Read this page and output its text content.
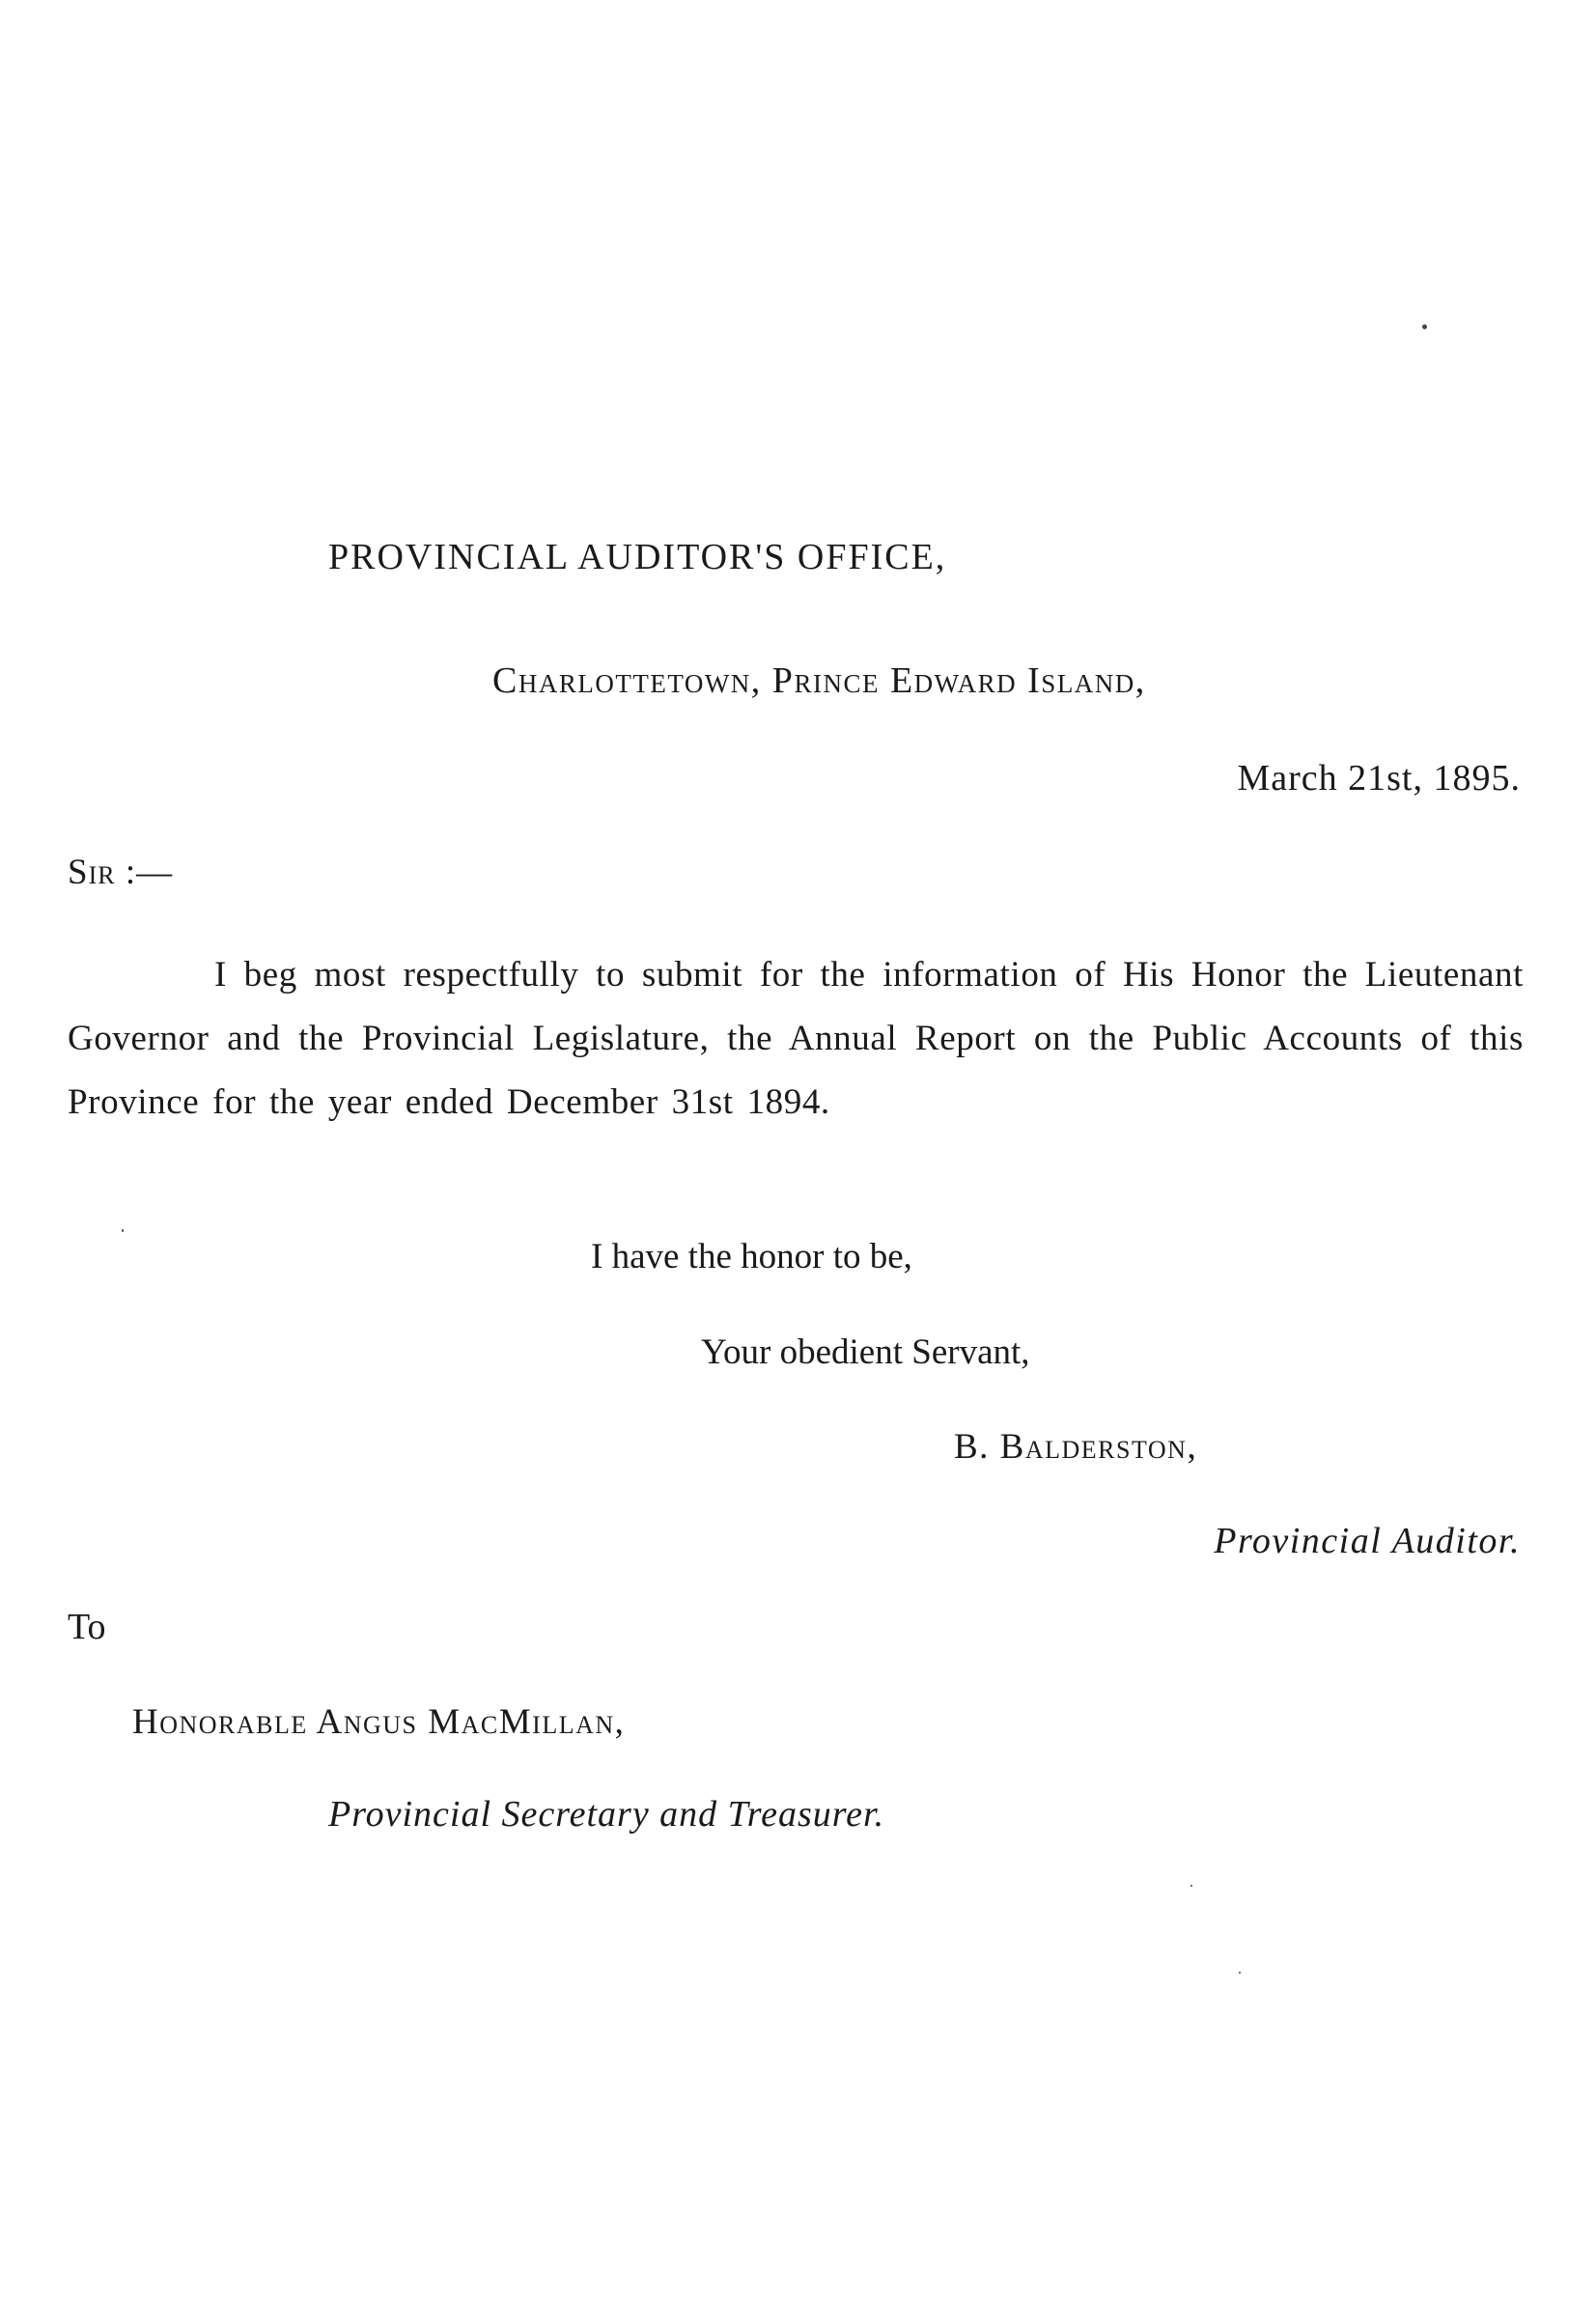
PROVINCIAL AUDITOR'S OFFICE,
Charlottetown, Prince Edward Island,
March 21st, 1895.
Sir :—
I beg most respectfully to submit for the information of His Honor the Lieutenant Governor and the Provincial Legislature, the Annual Report on the Public Accounts of this Province for the year ended December 31st 1894.
I have the honor to be,
Your obedient Servant,
B. Balderston,
Provincial Auditor.
To
Honorable Angus MacMillan,
Provincial Secretary and Treasurer.
